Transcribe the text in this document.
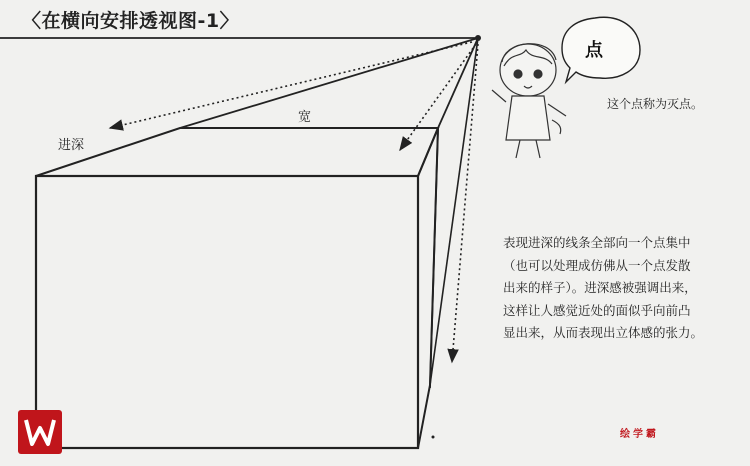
〈在横向安排透视图-1〉
进深
宽
点
这个点称为灭点。
表现进深的线条全部向一个点集中
（也可以处理成仿佛从一个点发散
出来的样子）。进深感被强调出来，
这样让人感觉近处的面似乎向前凸
显出来，从而表现出立体感的张力。
绘学霸
